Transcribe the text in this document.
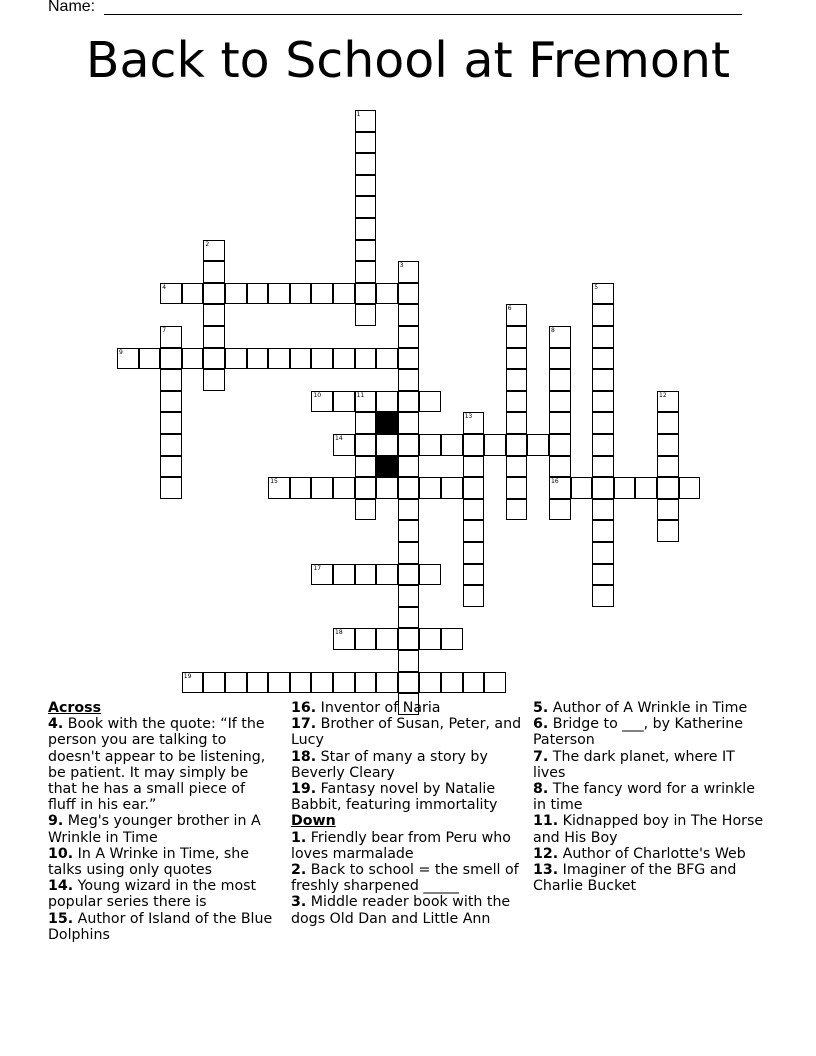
Name:
Back to School at Fremont
1
2
3
4	5
6
7	8
16
9
10	11	12
13
14
15
17
18
19
Across
4. Book with the quote: “If the person you are talking to doesn't appear to be listening, be patient. It may simply be that he has a small piece of fluff in his ear.”
9. Meg's younger brother in A Wrinkle in Time
10. In A Wrinke in Time, she talks using only quotes
14. Young wizard in the most popular series there is
15. Author of Island of the Blue Dolphins
16. Inventor of Naria
17. Brother of Susan, Peter, and Lucy
18. Star of many a story by Beverly Cleary
19. Fantasy novel by Natalie Babbit, featuring immortality
Down
1. Friendly bear from Peru who loves marmalade
2. Back to school = the smell of freshly sharpened _____
3. Middle reader book with the dogs Old Dan and Little Ann
5. Author of A Wrinkle in Time
6. Bridge to ___, by Katherine Paterson
7. The dark planet, where IT lives
8. The fancy word for a wrinkle in time
11. Kidnapped boy in The Horse and His Boy
12. Author of Charlotte's Web
13. Imaginer of the BFG and Charlie Bucket
